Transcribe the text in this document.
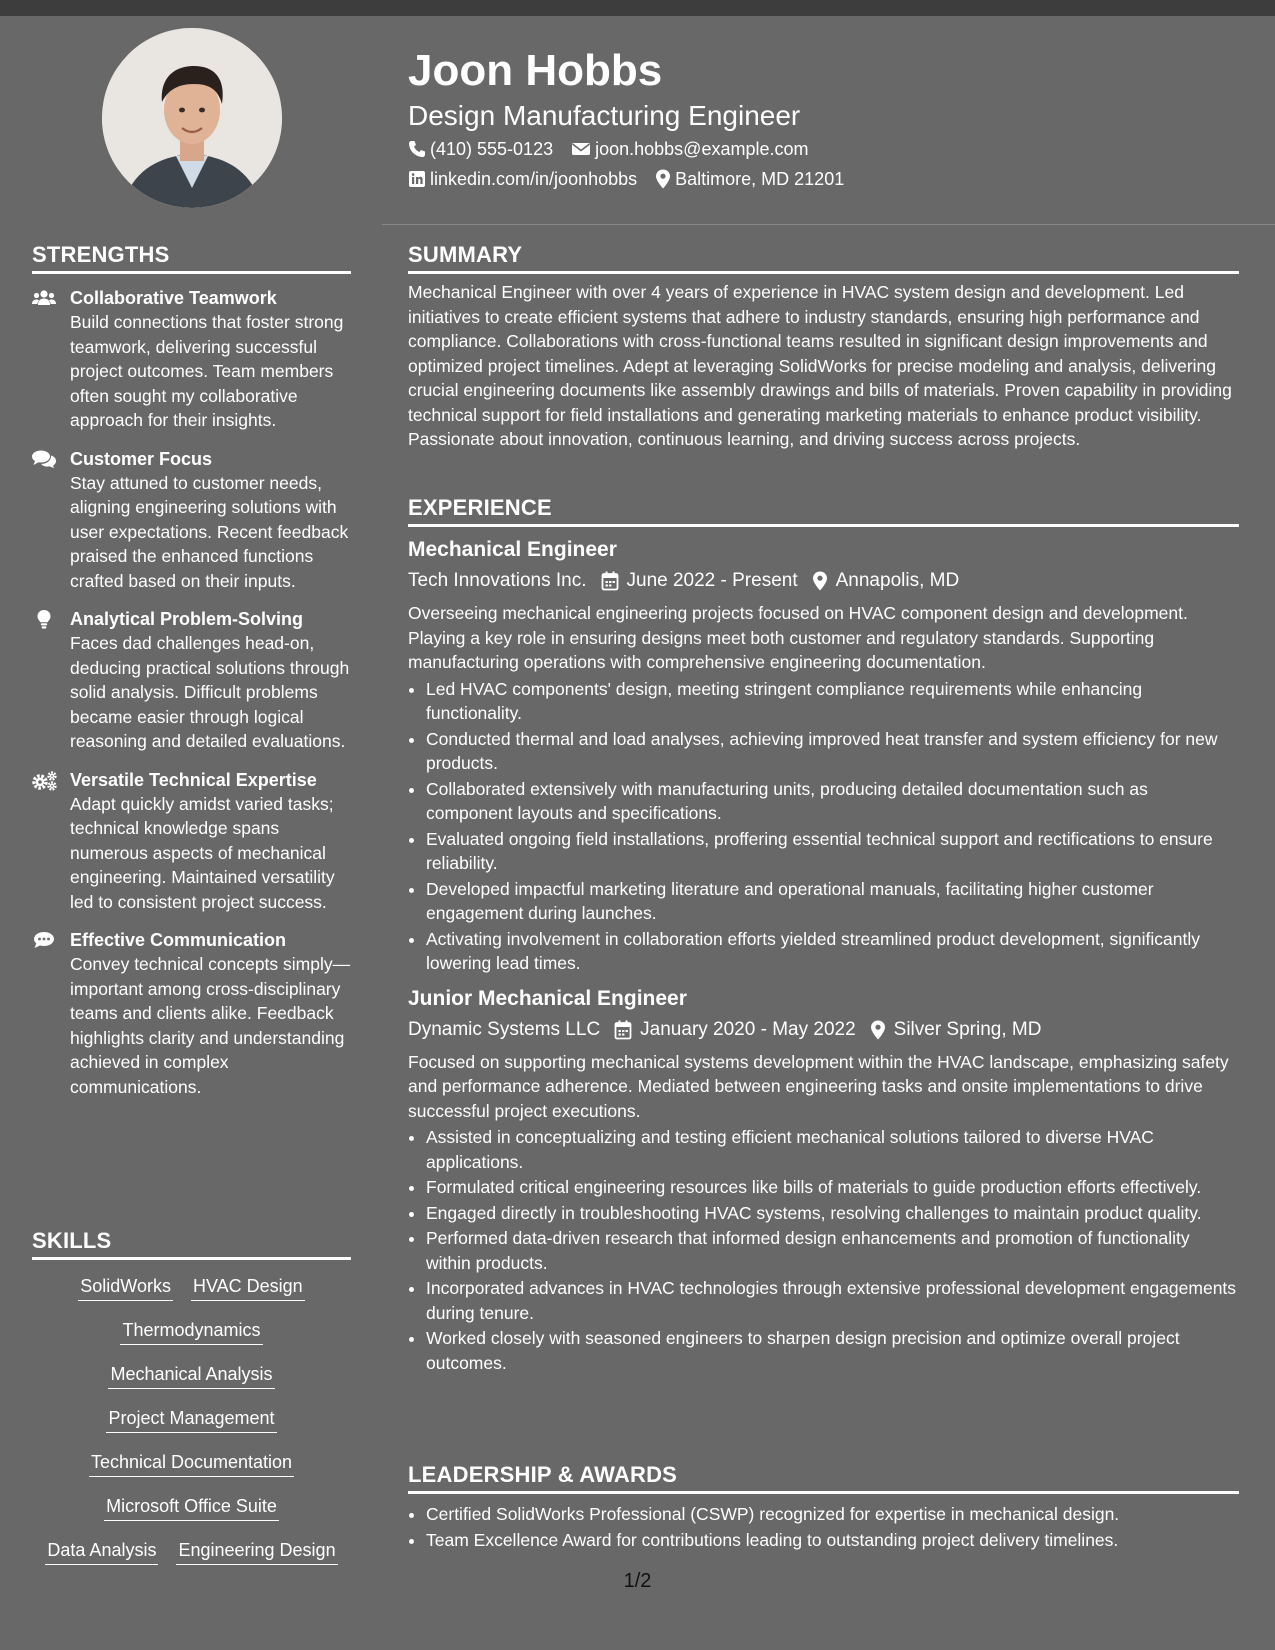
STRENGTHS
Collaborative Teamwork
Build connections that foster strong teamwork, delivering successful project outcomes. Team members often sought my collaborative approach for their insights.
Customer Focus
Stay attuned to customer needs, aligning engineering solutions with user expectations. Recent feedback praised the enhanced functions crafted based on their inputs.
Analytical Problem-Solving
Faces dad challenges head-on, deducing practical solutions through solid analysis. Difficult problems became easier through logical reasoning and detailed evaluations.
Versatile Technical Expertise
Adapt quickly amidst varied tasks; technical knowledge spans numerous aspects of mechanical engineering. Maintained versatility led to consistent project success.
Effective Communication
Convey technical concepts simply—important among cross-disciplinary teams and clients alike. Feedback highlights clarity and understanding achieved in complex communications.
SKILLS
SolidWorks HVAC Design
Thermodynamics
Mechanical Analysis
Project Management
Technical Documentation
Microsoft Office Suite
Data Analysis Engineering Design
Joon Hobbs
Design Manufacturing Engineer
(410) 555-0123 joon.hobbs@example.com
linkedin.com/in/joonhobbs Baltimore, MD 21201
SUMMARY
Mechanical Engineer with over 4 years of experience in HVAC system design and development. Led initiatives to create efficient systems that adhere to industry standards, ensuring high performance and compliance. Collaborations with cross-functional teams resulted in significant design improvements and optimized project timelines. Adept at leveraging SolidWorks for precise modeling and analysis, delivering crucial engineering documents like assembly drawings and bills of materials. Proven capability in providing technical support for field installations and generating marketing materials to enhance product visibility. Passionate about innovation, continuous learning, and driving success across projects.
EXPERIENCE
Mechanical Engineer
Tech Innovations Inc. June 2022 - Present Annapolis, MD
Overseeing mechanical engineering projects focused on HVAC component design and development. Playing a key role in ensuring designs meet both customer and regulatory standards. Supporting manufacturing operations with comprehensive engineering documentation.
• Led HVAC components' design, meeting stringent compliance requirements while enhancing functionality.
• Conducted thermal and load analyses, achieving improved heat transfer and system efficiency for new products.
• Collaborated extensively with manufacturing units, producing detailed documentation such as component layouts and specifications.
• Evaluated ongoing field installations, proffering essential technical support and rectifications to ensure reliability.
• Developed impactful marketing literature and operational manuals, facilitating higher customer engagement during launches.
• Activating involvement in collaboration efforts yielded streamlined product development, significantly lowering lead times.
Junior Mechanical Engineer
Dynamic Systems LLC January 2020 - May 2022 Silver Spring, MD
Focused on supporting mechanical systems development within the HVAC landscape, emphasizing safety and performance adherence. Mediated between engineering tasks and onsite implementations to drive successful project executions.
• Assisted in conceptualizing and testing efficient mechanical solutions tailored to diverse HVAC applications.
• Formulated critical engineering resources like bills of materials to guide production efforts effectively.
• Engaged directly in troubleshooting HVAC systems, resolving challenges to maintain product quality.
• Performed data-driven research that informed design enhancements and promotion of functionality within products.
• Incorporated advances in HVAC technologies through extensive professional development engagements during tenure.
• Worked closely with seasoned engineers to sharpen design precision and optimize overall project outcomes.
LEADERSHIP & AWARDS
• Certified SolidWorks Professional (CSWP) recognized for expertise in mechanical design.
• Team Excellence Award for contributions leading to outstanding project delivery timelines.
1/2
